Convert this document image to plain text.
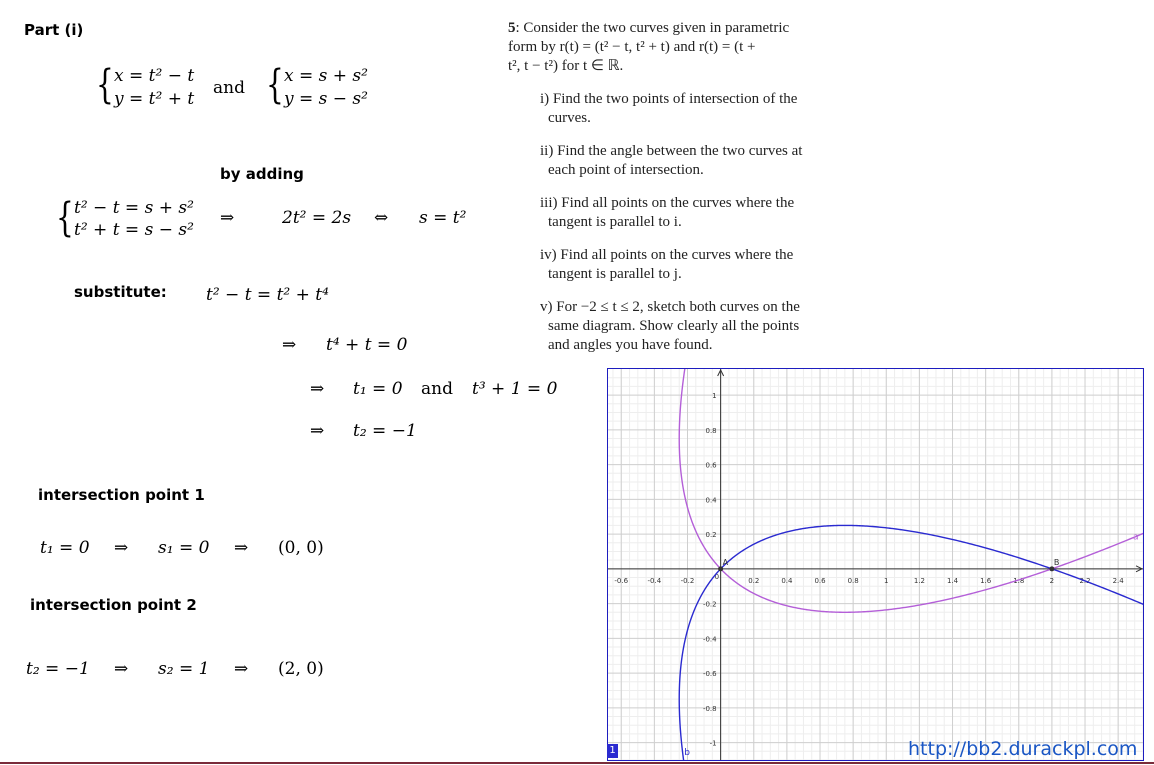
Part (i)
{ x = t² − t
y = t² + t
and { x = s + s²
y = s − s²
by adding
{ t² − t = s + s²
t² + t = s − s²
⇒	2t² = 2s ⇔ s = t²
substitute: t² − t = t² + t⁴
⇒ t⁴ + t = 0
⇒ t₁ = 0 and t³ + 1 = 0
⇒ t₂ = −1
intersection point 1
t₁ = 0 ⇒ s₁ = 0 ⇒ (0, 0)
intersection point 2
t₂ = −1 ⇒ s₂ = 1 ⇒ (2, 0)
5: Consider the two curves given in parametric
form by r(t) = (t² − t, t² + t) and r(t) = (t +
t², t − t²) for t ∈ ℝ.
i) Find the two points of intersection of the
curves.
ii) Find the angle between the two curves at
each point of intersection.
iii) Find all points on the curves where the
tangent is parallel to i.
iv) Find all points on the curves where the
tangent is parallel to j.
v) For −2 ≤ t ≤ 2, sketch both curves on the
same diagram. Show clearly all the points
and angles you have found.
-0.6	-0.4	-0.2	0.2	0.4	0.6	0.8	1	1.2	1.4	1.6	1.8	2	2.2	2.4
1
0.8
0.6
0.4
0.2
-0.2
-0.4
-0.6
-0.8
-1
0
a
b
A	B
1	http://bb2.durackpl.com
